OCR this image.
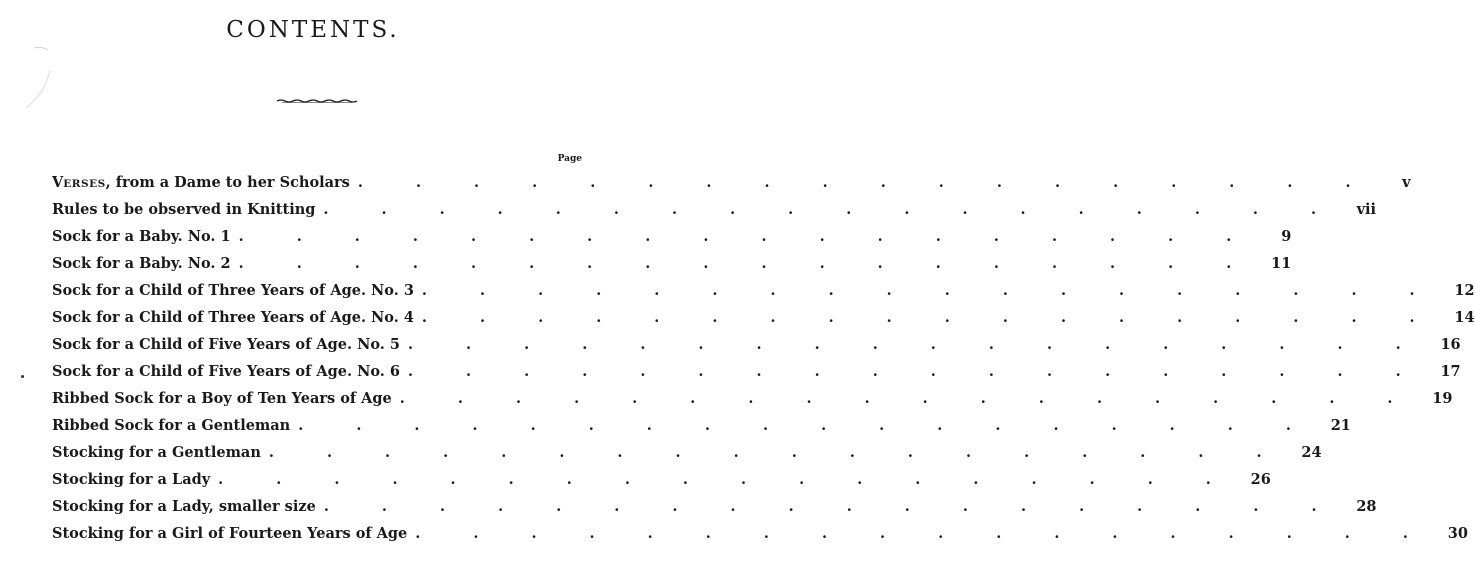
CONTENTS.
Page
VERSES, from a Dame to her Scholars . . . . . . . . . . . . . . . . . .	v
Rules to be observed in Knitting . . . . . . . . . . . . . . . . . .	vii
Sock for a Baby. No. 1 . . . . . . . . . . . . . . . . . .	9
Sock for a Baby. No. 2 . . . . . . . . . . . . . . . . . .	11
Sock for a Child of Three Years of Age. No. 3 . . . . . . . . . . . . . . . . . .	12
Sock for a Child of Three Years of Age. No. 4 . . . . . . . . . . . . . . . . . .	14
Sock for a Child of Five Years of Age. No. 5 . . . . . . . . . . . . . . . . . .	16
Sock for a Child of Five Years of Age. No. 6 . . . . . . . . . . . . . . . . . .	17
Ribbed Sock for a Boy of Ten Years of Age . . . . . . . . . . . . . . . . . .	19
Ribbed Sock for a Gentleman . . . . . . . . . . . . . . . . . .	21
Stocking for a Gentleman . . . . . . . . . . . . . . . . . .	24
Stocking for a Lady . . . . . . . . . . . . . . . . . .	26
Stocking for a Lady, smaller size . . . . . . . . . . . . . . . . . .	28
Stocking for a Girl of Fourteen Years of Age . . . . . . . . . . . . . . . . . .	30
